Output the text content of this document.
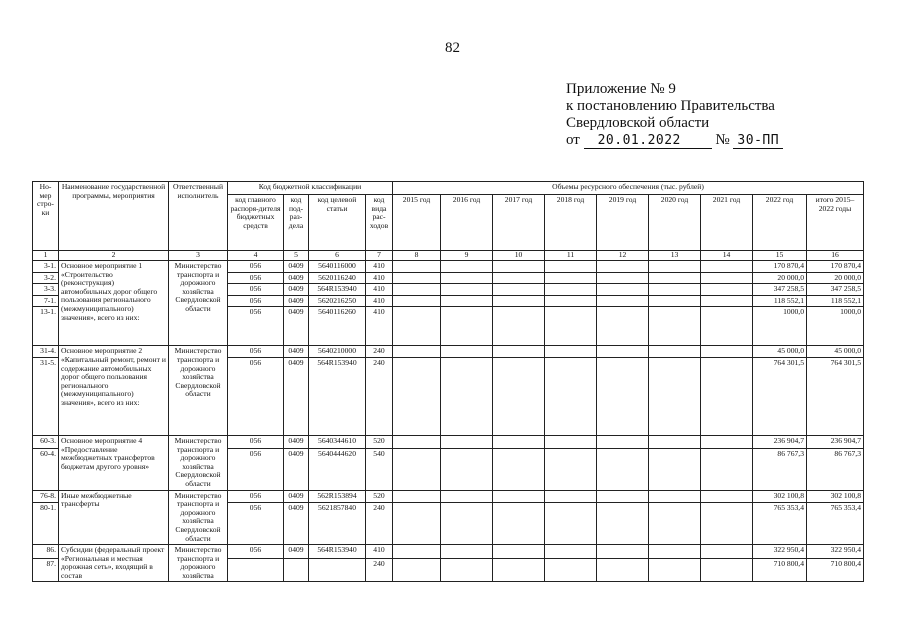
82
Приложение № 9
к постановлению Правительства
Свердловской области
от 20.01.2022 № 30-ПП
Но-мер стро-ки	Наименование государственной программы, мероприятия	Ответственный исполнитель	Код бюджетной классификации				Объемы ресурсного обеспечения (тыс. рублей)								
			код главного распоря-дителя бюджетных средств	код под-раз-дела	код целевой статьи	код вида рас-ходов	2015 год	2016 год	2017 год	2018 год	2019 год	2020 год	2021 год	2022 год	итого 2015–2022 годы
1	2	3	4	5	6	7	8	9	10	11	12	13	14	15	16
3-1.	Основное мероприятие 1 «Строительство (реконструкция) автомобильных дорог общего пользования регионального (межмуниципального) значения», всего из них:	Министерство транспорта и дорожного хозяйства Свердловской области	056	0409	5640116000	410								170 870,4	170 870,4
3-2.			056	0409	5620116240	410								20 000,0	20 000,0
3-3.			056	0409	564R153940	410								347 258,5	347 258,5
7-1.			056	0409	5620216250	410								118 552,1	118 552,1
13-1.			056	0409	5640116260	410								1000,0	1000,0
31-4.	Основное мероприятие 2 «Капитальный ремонт, ремонт и содержание автомобильных дорог общего пользования регионального (межмуниципального) значения», всего из них:	Министерство транспорта и дорожного хозяйства Свердловской области	056	0409	5640210000	240								45 000,0	45 000,0
31-5.			056	0409	564R153940	240								764 301,5	764 301,5
60-3.	Основное мероприятие 4 «Предоставление межбюджетных трансфертов бюджетам другого уровня»	Министерство транспорта и дорожного хозяйства Свердловской области	056	0409	5640344610	520								236 904,7	236 904,7
60-4.			056	0409	5640444620	540								86 767,3	86 767,3
76-8.	Иные межбюджетные трансферты	Министерство транспорта и дорожного хозяйства Свердловской области	056	0409	562R153894	520								302 100,8	302 100,8
80-1.			056	0409	5621857840	240								765 353,4	765 353,4
86.	Субсидии (федеральный проект «Региональная и местная дорожная сеть», входящий в состав	Министерство транспорта и дорожного хозяйства	056	0409	564R153940	410								322 950,4	322 950,4
87.						240								710 800,4	710 800,4
